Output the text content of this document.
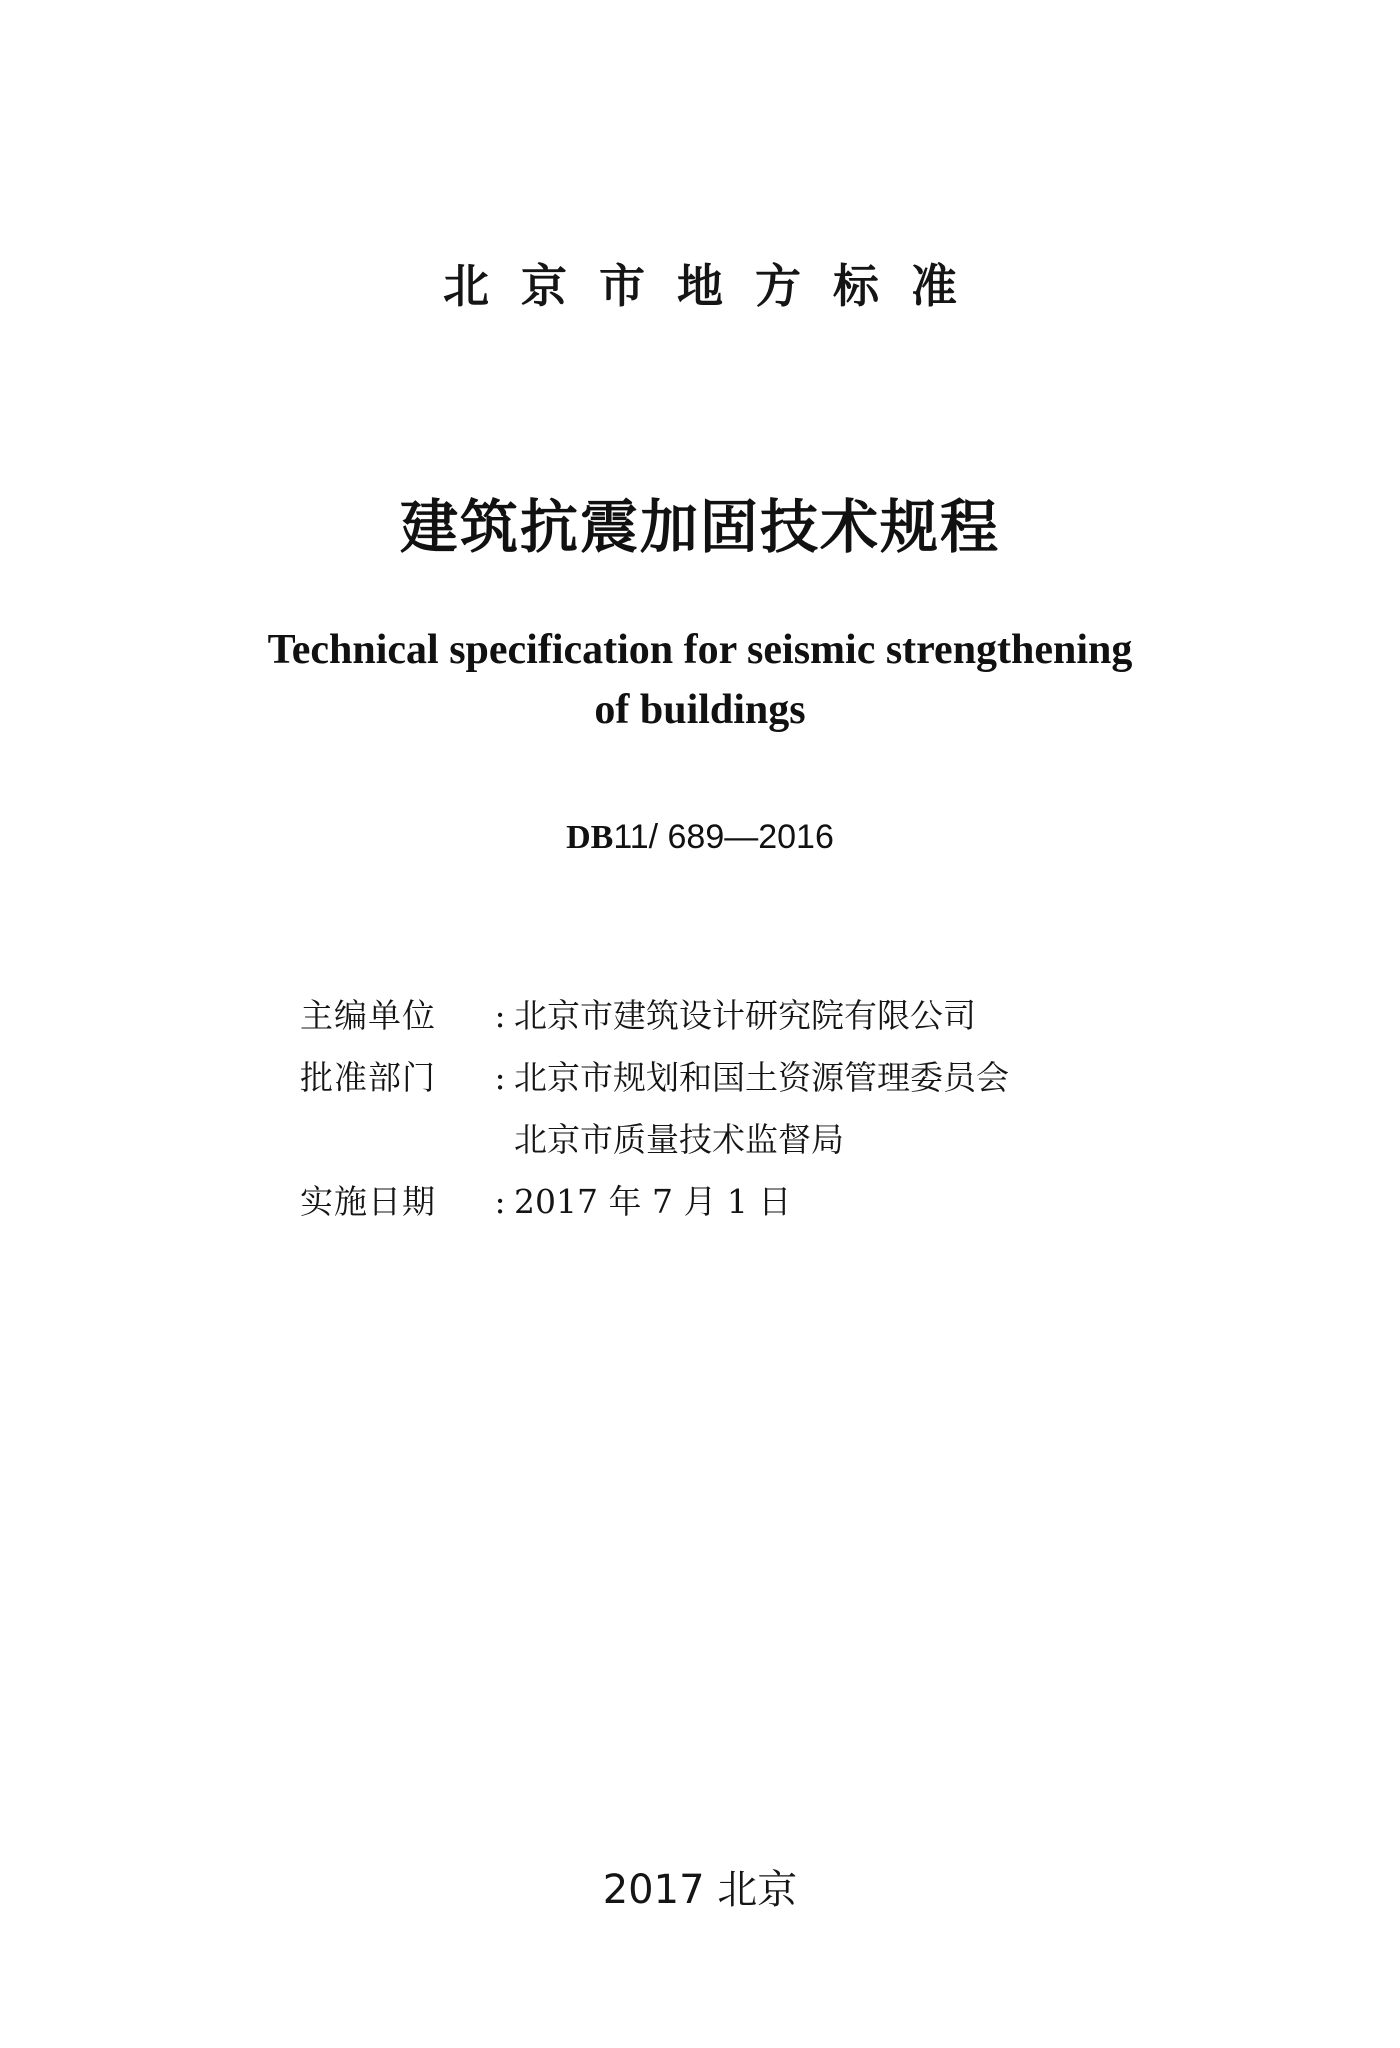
北京市地方标准
建筑抗震加固技术规程
Technical specification for seismic strengthening
of buildings
DB11/ 689—2016
主编单位	: 北京市建筑设计研究院有限公司
批准部门	: 北京市规划和国土资源管理委员会
北京市质量技术监督局
实施日期	: 2017 年 7 月 1 日
2017 北京
